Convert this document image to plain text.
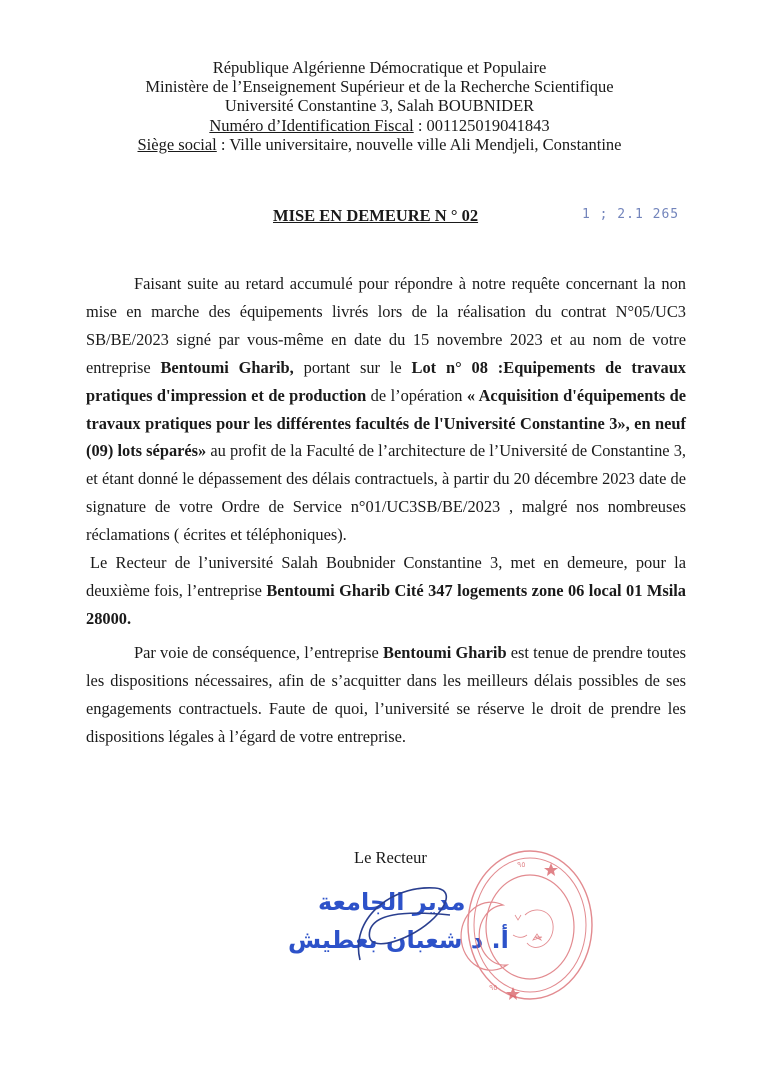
République Algérienne Démocratique et Populaire
Ministère de l’Enseignement Supérieur et de la Recherche Scientifique
Université Constantine 3, Salah BOUBNIDER
Numéro d’Identification Fiscal : 001125019041843
Siège social : Ville universitaire, nouvelle ville Ali Mendjeli, Constantine
MISE EN DEMEURE N ° 02	1 ; 2.1 265

Faisant suite au retard accumulé pour répondre à notre requête concernant la non mise en marche des équipements livrés lors de la réalisation du contrat N°05/UC3 SB/BE/2023 signé par vous-même en date du 15 novembre 2023 et au nom de votre entreprise Bentoumi Gharib, portant sur le Lot n° 08 :Equipements de travaux pratiques d'impression et de production de l’opération « Acquisition d'équipements de travaux pratiques pour les différentes facultés de l'Université Constantine 3», en neuf (09) lots séparés» au profit de la Faculté de l’architecture de l’Université de Constantine 3, et étant donné le dépassement des délais contractuels, à partir du 20 décembre 2023 date de signature de votre Ordre de Service n°01/UC3SB/BE/2023 , malgré nos nombreuses réclamations ( écrites et téléphoniques).

Le Recteur de l’université Salah Boubnider Constantine 3, met en demeure, pour la deuxième fois, l’entreprise Bentoumi Gharib Cité 347 logements zone 06 local 01 Msila 28000.

Par voie de conséquence, l’entreprise Bentoumi Gharib est tenue de prendre toutes les dispositions nécessaires, afin de s’acquitter dans les meilleurs délais possibles de ses engagements contractuels. Faute de quoi, l’université se réserve le droit de prendre les dispositions légales à l’égard de votre entreprise.

Le Recteur
مدير الجامعة
أ. د شعبان بعطيش
٩٥
٩٥
